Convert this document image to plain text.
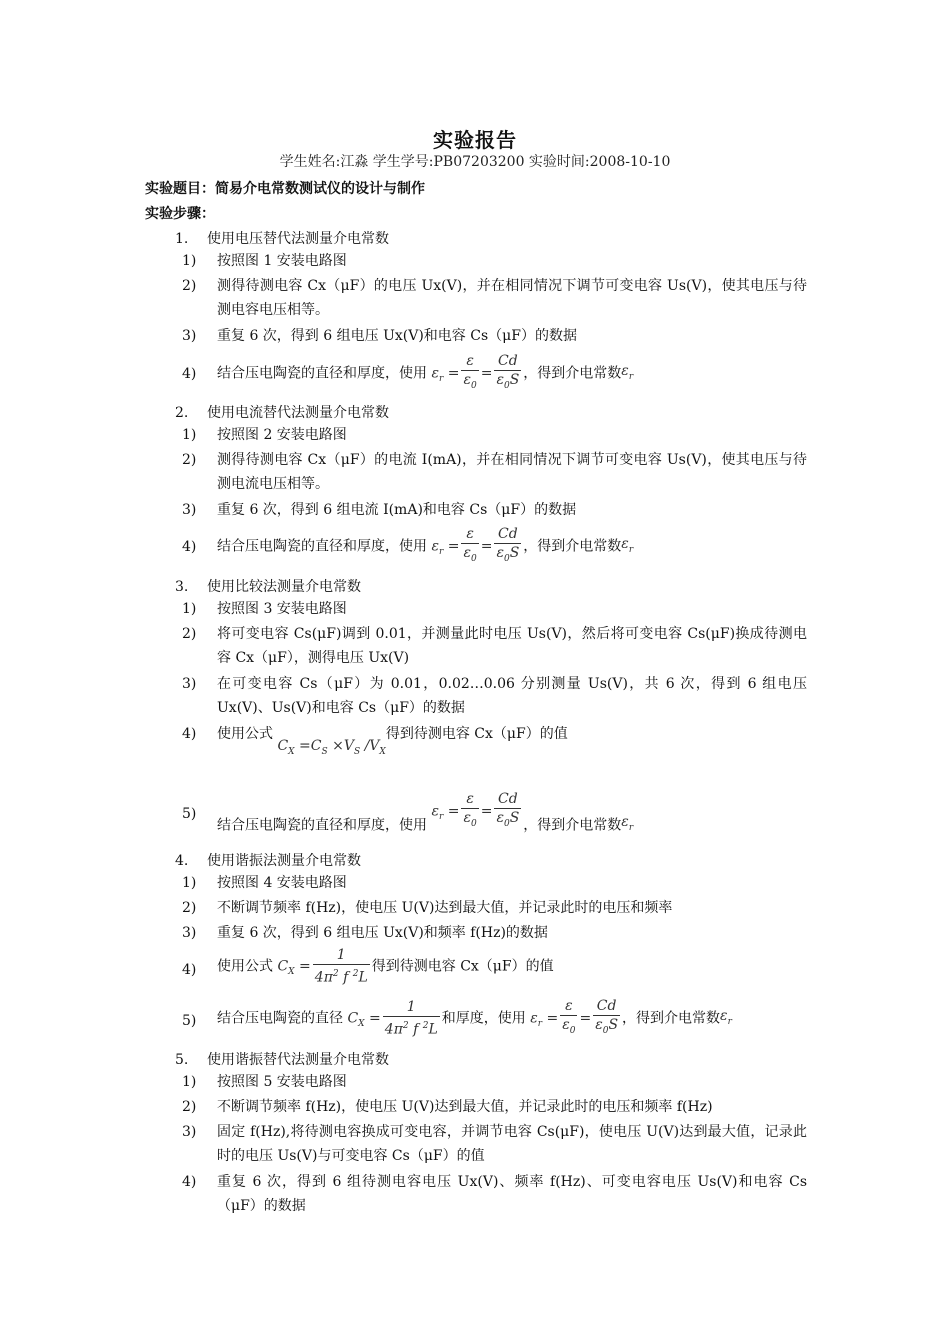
实验报告
学生姓名:江淼 学生学号:PB07203200 实验时间:2008-10-10
实验题目：简易介电常数测试仪的设计与制作
实验步骤：
1. 使用电压替代法测量介电常数
1)	按照图 1 安装电路图
2)	测得待测电容 Cx（μF）的电压 Ux(V)，并在相同情况下调节可变电容 Us(V)，使其电压与待测电容电压相等。
3)	重复 6 次，得到 6 组电压 Ux(V)和电容 Cs（μF）的数据
4)	结合压电陶瓷的直径和厚度，使用 $\varepsilon_r = \frac{\varepsilon}{\varepsilon_0} = \frac{Cd}{\varepsilon_0S}$ ，得到介电常数$\varepsilon_r$
2. 使用电流替代法测量介电常数
1)	按照图 2 安装电路图
2)	测得待测电容 Cx（μF）的电流 I(mA)，并在相同情况下调节可变电容 Us(V)，使其电压与待测电流电压相等。
3)	重复 6 次，得到 6 组电流 I(mA)和电容 Cs（μF）的数据
4)	结合压电陶瓷的直径和厚度，使用 $\varepsilon_r = \frac{\varepsilon}{\varepsilon_0} = \frac{Cd}{\varepsilon_0S}$ ，得到介电常数$\varepsilon_r$
3. 使用比较法测量介电常数
1)	按照图 3 安装电路图
2)	将可变电容 Cs(μF)调到 0.01，并测量此时电压 Us(V)，然后将可变电容 Cs(μF)换成待测电容 Cx（μF），测得电压 Ux(V)
3)	在可变电容 Cs（μF）为 0.01，0.02…0.06 分别测量 Us(V)，共 6 次，得到 6 组电压 Ux(V)、Us(V)和电容 Cs（μF）的数据
4)	使用公式 $C_X =C_S \times V_S$ $/V_X$得到待测电容 Cx（μF）的值
5)
结合压电陶瓷的直径和厚度，使用 $\varepsilon_r = \frac{\varepsilon}{\varepsilon_0} = \frac{Cd}{\varepsilon_0S}$ ，得到介电常数$\varepsilon_r$
4. 使用谐振法测量介电常数
1)	按照图 4 安装电路图
2)	不断调节频率 f(Hz)，使电压 U(V)达到最大值，并记录此时的电压和频率
3)	重复 6 次，得到 6 组电压 Ux(V)和频率 f(Hz)的数据
4)	使用公式 $C_X = \frac{1}{4\pi^2 f ^2L}$ 得到待测电容 Cx（μF）的值
5)	结合压电陶瓷的直径 $C_X = \frac{1}{4\pi^2 f ^2L}$ 和厚度，使用 $\varepsilon_r = \frac{\varepsilon}{\varepsilon_0} = \frac{Cd}{\varepsilon_0S}$ ，得到介电常数$\varepsilon_r$
5. 使用谐振替代法测量介电常数
1)	按照图 5 安装电路图
2)	不断调节频率 f(Hz)，使电压 U(V)达到最大值，并记录此时的电压和频率 f(Hz)
3)	固定 f(Hz),将待测电容换成可变电容，并调节电容 Cs(μF)，使电压 U(V)达到最大值，记录此时的电压 Us(V)与可变电容 Cs（μF）的值
4)	重复 6 次，得到 6 组待测电容电压 Ux(V)、频率 f(Hz)、可变电容电压 Us(V)和电容 Cs（μF）的数据
